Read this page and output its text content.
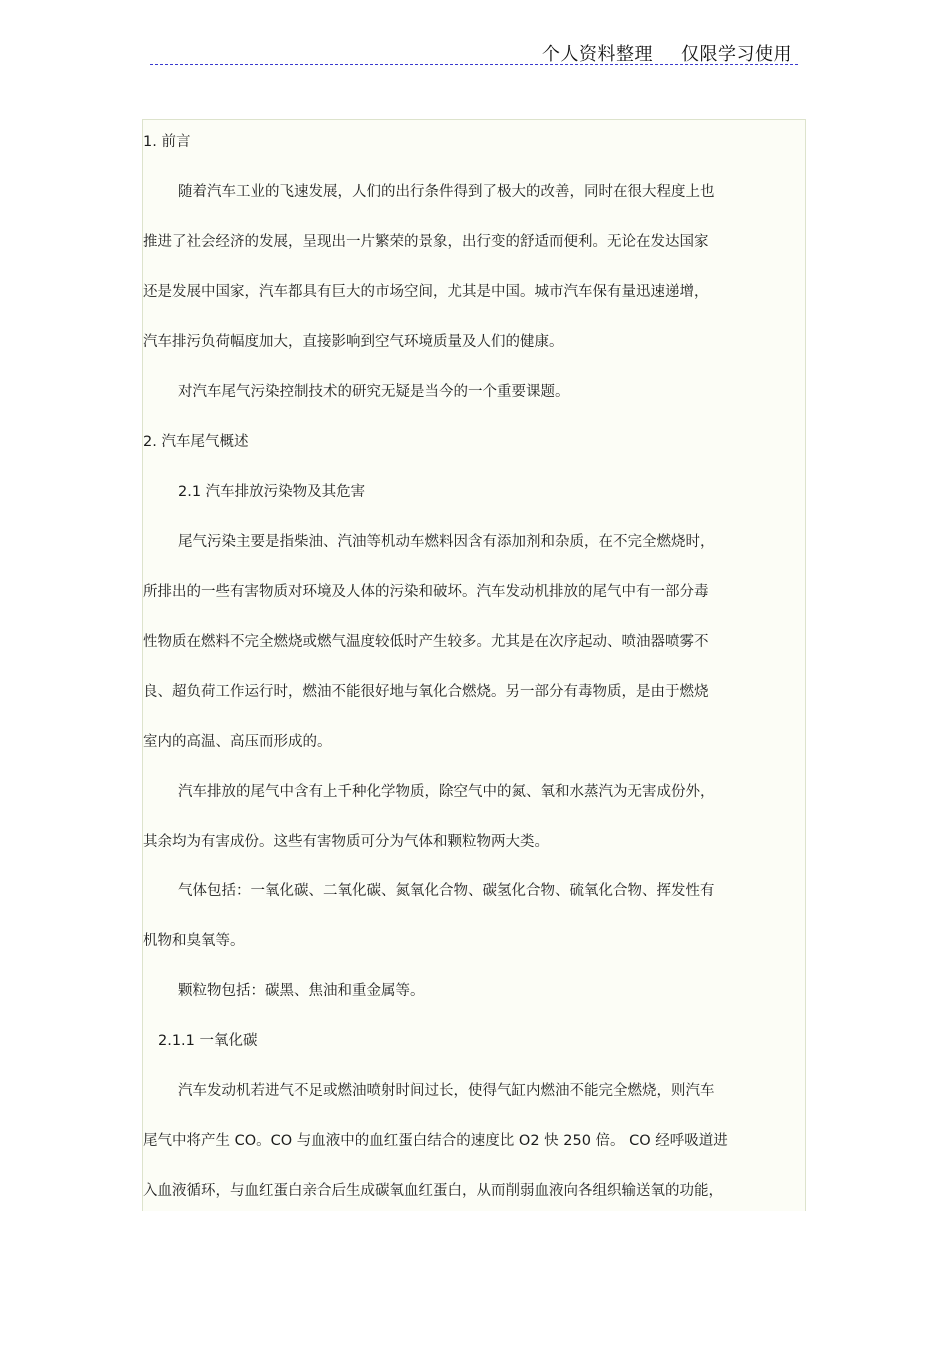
个人资料整理 仅限学习使用
1. 前言
随着汽车工业的飞速发展，人们的出行条件得到了极大的改善，同时在很大程度上也
推进了社会经济的发展，呈现出一片繁荣的景象，出行变的舒适而便利。无论在发达国家
还是发展中国家，汽车都具有巨大的市场空间，尤其是中国。城市汽车保有量迅速递增，
汽车排污负荷幅度加大，直接影响到空气环境质量及人们的健康。
对汽车尾气污染控制技术的研究无疑是当今的一个重要课题。
2. 汽车尾气概述
2.1 汽车排放污染物及其危害
尾气污染主要是指柴油、汽油等机动车燃料因含有添加剂和杂质，在不完全燃烧时，
所排出的一些有害物质对环境及人体的污染和破坏。汽车发动机排放的尾气中有一部分毒
性物质在燃料不完全燃烧或燃气温度较低时产生较多。尤其是在次序起动、喷油器喷雾不
良、超负荷工作运行时，燃油不能很好地与氧化合燃烧。另一部分有毒物质，是由于燃烧
室内的高温、高压而形成的。
汽车排放的尾气中含有上千种化学物质，除空气中的氮、氧和水蒸汽为无害成份外，
其余均为有害成份。这些有害物质可分为气体和颗粒物两大类。
气体包括：一氧化碳、二氧化碳、氮氧化合物、碳氢化合物、硫氧化合物、挥发性有
机物和臭氧等。
颗粒物包括：碳黑、焦油和重金属等。
2.1.1 一氧化碳
汽车发动机若进气不足或燃油喷射时间过长，使得气缸内燃油不能完全燃烧，则汽车
尾气中将产生 CO。CO 与血液中的血红蛋白结合的速度比 O2 快 250 倍。 CO 经呼吸道进
入血液循环，与血红蛋白亲合后生成碳氧血红蛋白，从而削弱血液向各组织输送氧的功能，
